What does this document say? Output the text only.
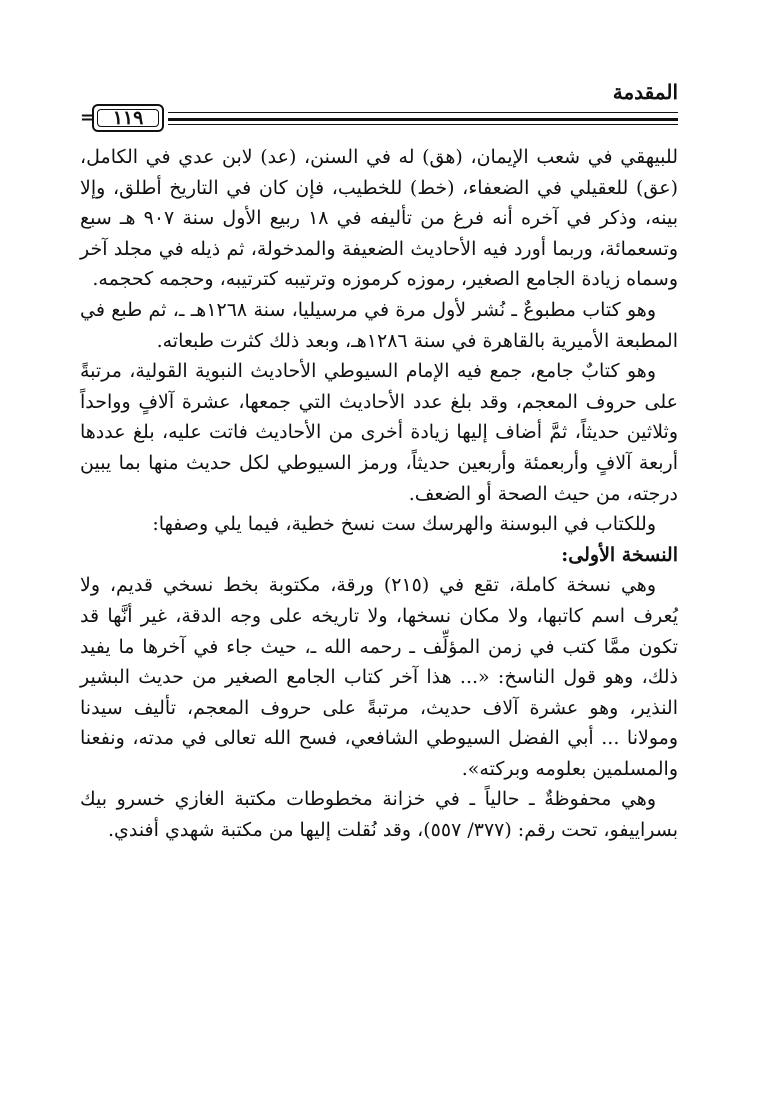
المقدمة
= ١١٩

للبيهقي في شعب الإيمان، (هق) له في السنن، (عد) لابن عدي في الكامل، (عق) للعقيلي في الضعفاء، (خط) للخطيب، فإن كان في التاريخ أطلق، وإلا بينه، وذكر في آخره أنه فرغ من تأليفه في ١٨ ربيع الأول سنة ٩٠٧ هـ سبع وتسعمائة، وربما أورد فيه الأحاديث الضعيفة والمدخولة، ثم ذيله في مجلد آخر وسماه زيادة الجامع الصغير، رموزه كرموزه وترتيبه كترتيبه، وحجمه كحجمه.

وهو كتاب مطبوعٌ ـ نُشر لأول مرة في مرسيليا، سنة ١٢٦٨هـ ـ، ثم طبع في المطبعة الأميرية بالقاهرة في سنة ١٢٨٦هـ، وبعد ذلك كثرت طبعاته.

وهو كتابٌ جامع، جمع فيه الإمام السيوطي الأحاديث النبوية القولية، مرتبةً على حروف المعجم، وقد بلغ عدد الأحاديث التي جمعها، عشرة آلافٍ وواحداً وثلاثين حديثاً، ثمَّ أضاف إليها زيادة أخرى من الأحاديث فاتت عليه، بلغ عددها أربعة آلافٍ وأربعمئة وأربعين حديثاً، ورمز السيوطي لكل حديث منها بما يبين درجته، من حيث الصحة أو الضعف.

وللكتاب في البوسنة والهرسك ست نسخ خطية، فيما يلي وصفها:

النسخة الأولى:

وهي نسخة كاملة، تقع في (٢١٥) ورقة، مكتوبة بخط نسخي قديم، ولا يُعرف اسم كاتبها، ولا مكان نسخها، ولا تاريخه على وجه الدقة، غير أنَّها قد تكون ممَّا كتب في زمن المؤلِّف ـ رحمه الله ـ، حيث جاء في آخرها ما يفيد ذلك، وهو قول الناسخ: «... هذا آخر كتاب الجامع الصغير من حديث البشير النذير، وهو عشرة آلاف حديث، مرتبةً على حروف المعجم، تأليف سيدنا ومولانا ... أبي الفضل السيوطي الشافعي، فسح الله تعالى في مدته، ونفعنا والمسلمين بعلومه وبركته».

وهي محفوظةٌ ـ حالياً ـ في خزانة مخطوطات مكتبة الغازي خسرو بيك بسراييفو، تحت رقم: (٣٧٧/ ٥٥٧)، وقد نُقلت إليها من مكتبة شهدي أفندي.
